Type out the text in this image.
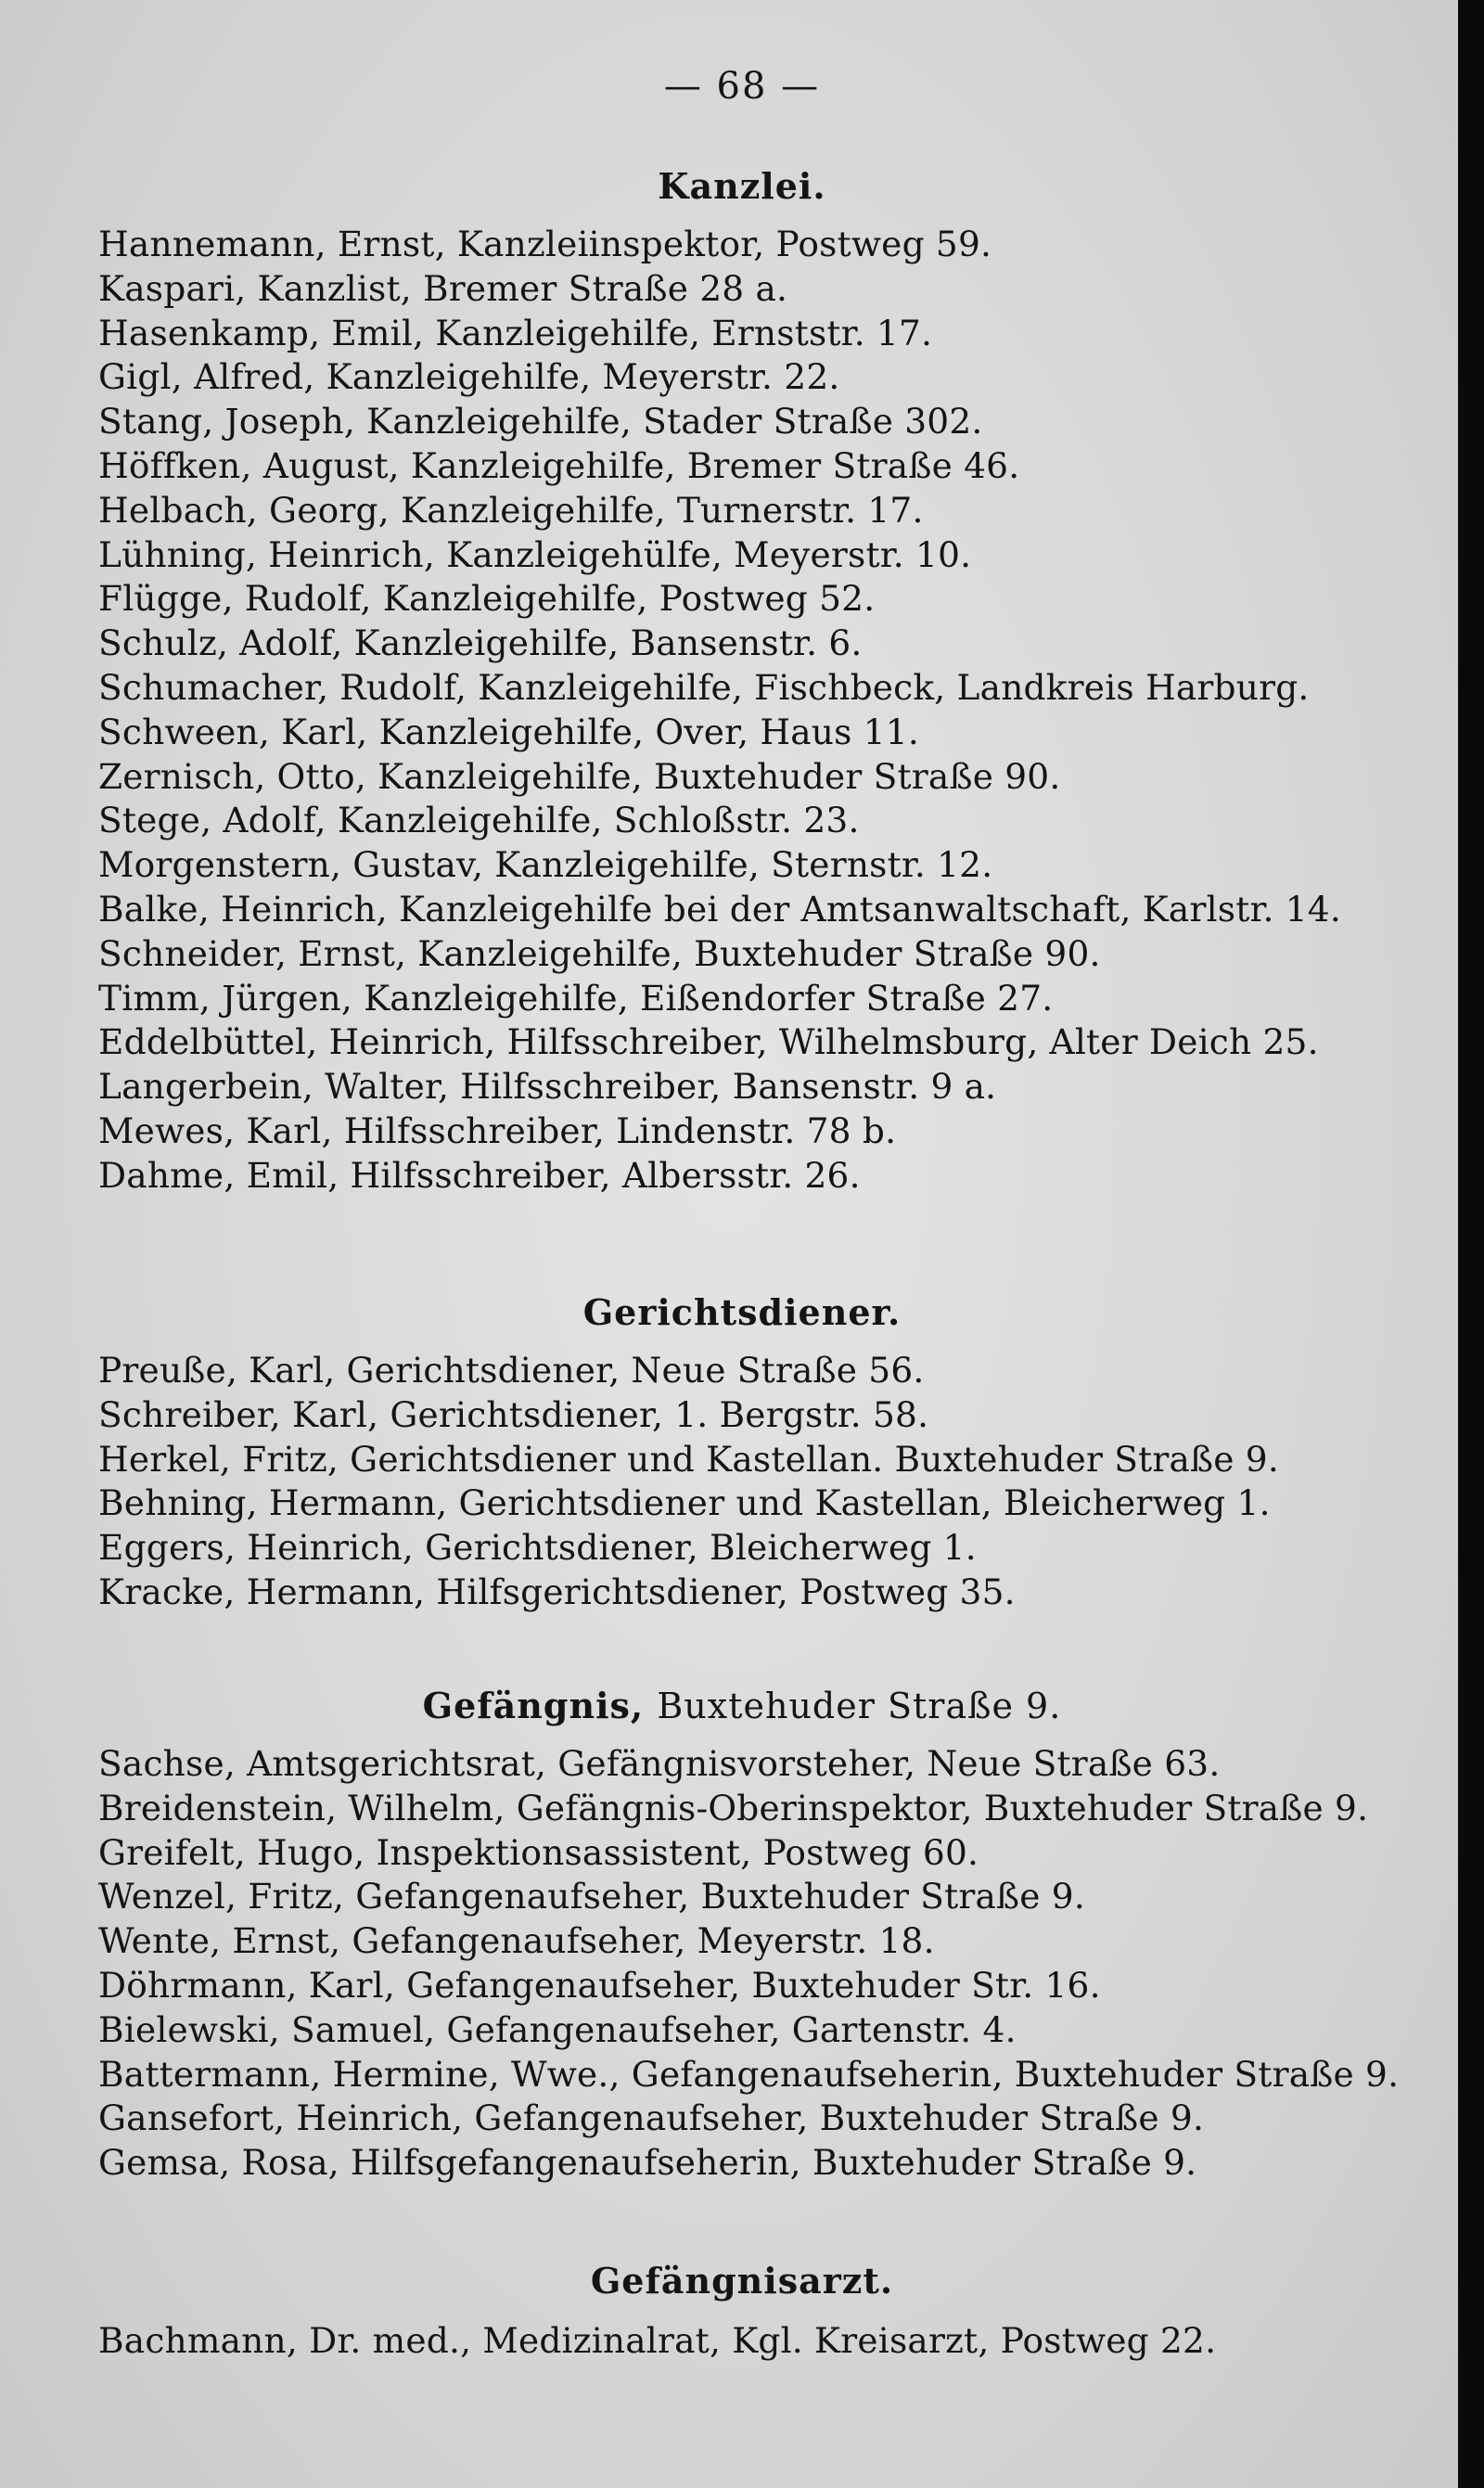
— 68 —
Kanzlei.
Hannemann, Ernst, Kanzleiinspektor, Postweg 59.
Kaspari, Kanzlist, Bremer Straße 28 a.
Hasenkamp, Emil, Kanzleigehilfe, Ernststr. 17.
Gigl, Alfred, Kanzleigehilfe, Meyerstr. 22.
Stang, Joseph, Kanzleigehilfe, Stader Straße 302.
Höffken, August, Kanzleigehilfe, Bremer Straße 46.
Helbach, Georg, Kanzleigehilfe, Turnerstr. 17.
Lühning, Heinrich, Kanzleigehülfe, Meyerstr. 10.
Flügge, Rudolf, Kanzleigehilfe, Postweg 52.
Schulz, Adolf, Kanzleigehilfe, Bansenstr. 6.
Schumacher, Rudolf, Kanzleigehilfe, Fischbeck, Landkreis Harburg.
Schween, Karl, Kanzleigehilfe, Over, Haus 11.
Zernisch, Otto, Kanzleigehilfe, Buxtehuder Straße 90.
Stege, Adolf, Kanzleigehilfe, Schloßstr. 23.
Morgenstern, Gustav, Kanzleigehilfe, Sternstr. 12.
Balke, Heinrich, Kanzleigehilfe bei der Amtsanwaltschaft, Karlstr. 14.
Schneider, Ernst, Kanzleigehilfe, Buxtehuder Straße 90.
Timm, Jürgen, Kanzleigehilfe, Eißendorfer Straße 27.
Eddelbüttel, Heinrich, Hilfsschreiber, Wilhelmsburg, Alter Deich 25.
Langerbein, Walter, Hilfsschreiber, Bansenstr. 9 a.
Mewes, Karl, Hilfsschreiber, Lindenstr. 78 b.
Dahme, Emil, Hilfsschreiber, Albersstr. 26.
Gerichtsdiener.
Preuße, Karl, Gerichtsdiener, Neue Straße 56.
Schreiber, Karl, Gerichtsdiener, 1. Bergstr. 58.
Herkel, Fritz, Gerichtsdiener und Kastellan. Buxtehuder Straße 9.
Behning, Hermann, Gerichtsdiener und Kastellan, Bleicherweg 1.
Eggers, Heinrich, Gerichtsdiener, Bleicherweg 1.
Kracke, Hermann, Hilfsgerichtsdiener, Postweg 35.
Gefängnis, Buxtehuder Straße 9.
Sachse, Amtsgerichtsrat, Gefängnisvorsteher, Neue Straße 63.
Breidenstein, Wilhelm, Gefängnis-Oberinspektor, Buxtehuder Straße 9.
Greifelt, Hugo, Inspektionsassistent, Postweg 60.
Wenzel, Fritz, Gefangenaufseher, Buxtehuder Straße 9.
Wente, Ernst, Gefangenaufseher, Meyerstr. 18.
Döhrmann, Karl, Gefangenaufseher, Buxtehuder Str. 16.
Bielewski, Samuel, Gefangenaufseher, Gartenstr. 4.
Battermann, Hermine, Wwe., Gefangenaufseherin, Buxtehuder Straße 9.
Gansefort, Heinrich, Gefangenaufseher, Buxtehuder Straße 9.
Gemsa, Rosa, Hilfsgefangenaufseherin, Buxtehuder Straße 9.
Gefängnisarzt.
Bachmann, Dr. med., Medizinalrat, Kgl. Kreisarzt, Postweg 22.
